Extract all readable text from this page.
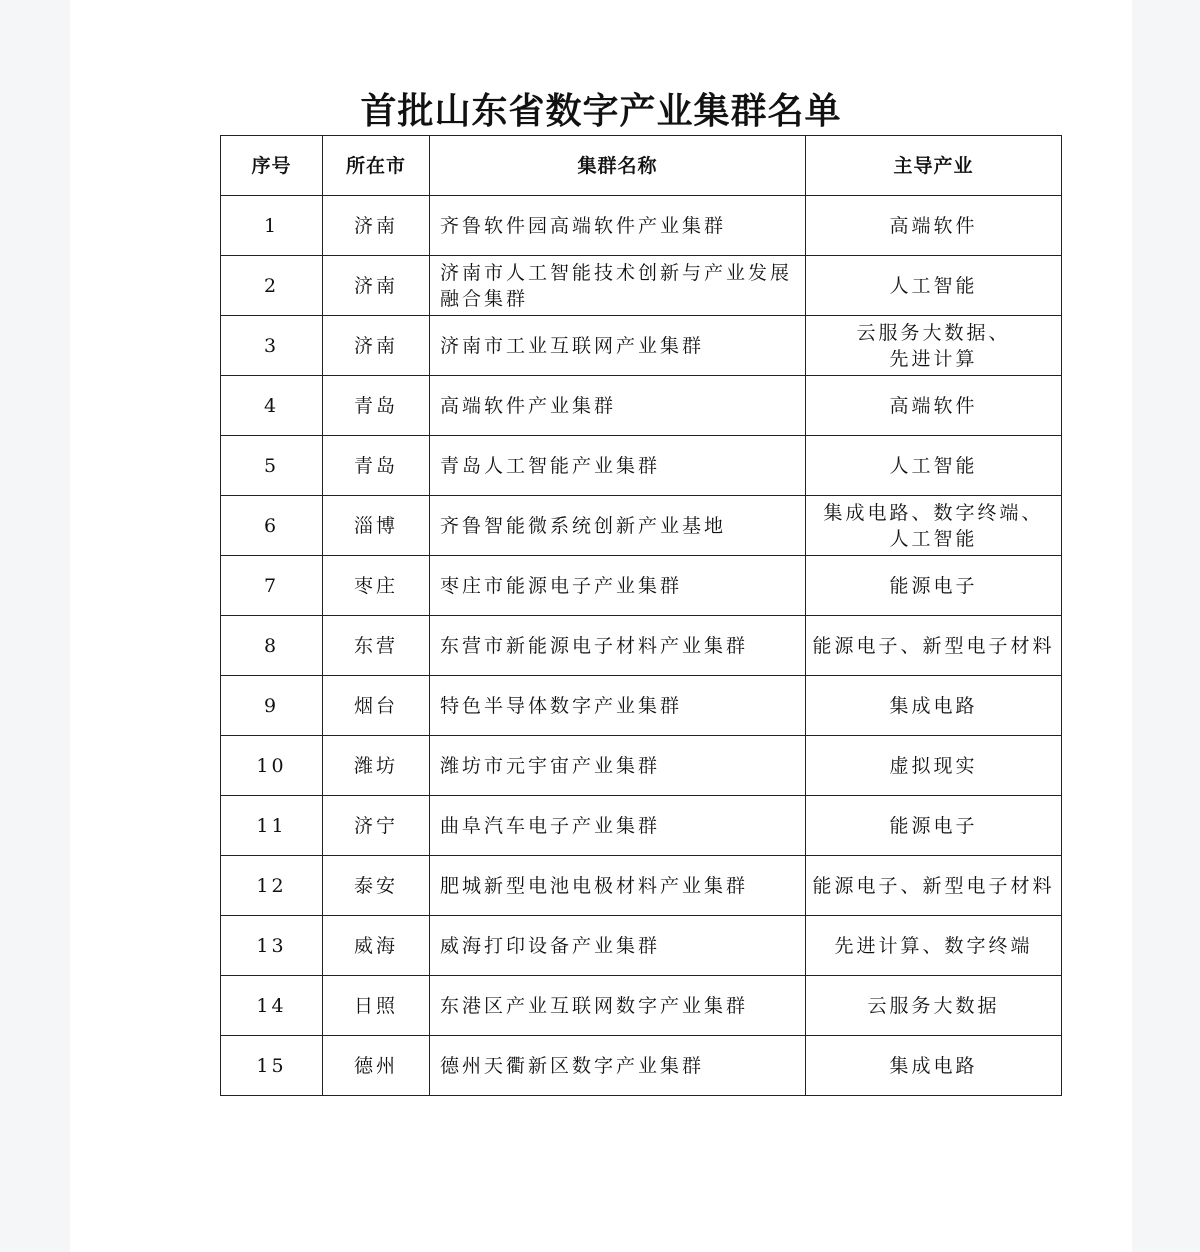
首批山东省数字产业集群名单
序号	所在市	集群名称	主导产业
1	济南	齐鲁软件园高端软件产业集群	高端软件
2	济南	济南市人工智能技术创新与产业发展融合集群	人工智能
3	济南	济南市工业互联网产业集群	云服务大数据、
先进计算
4	青岛	高端软件产业集群	高端软件
5	青岛	青岛人工智能产业集群	人工智能
6	淄博	齐鲁智能微系统创新产业基地	集成电路、数字终端、
人工智能
7	枣庄	枣庄市能源电子产业集群	能源电子
8	东营	东营市新能源电子材料产业集群	能源电子、新型电子材料
9	烟台	特色半导体数字产业集群	集成电路
10	潍坊	潍坊市元宇宙产业集群	虚拟现实
11	济宁	曲阜汽车电子产业集群	能源电子
12	泰安	肥城新型电池电极材料产业集群	能源电子、新型电子材料
13	威海	威海打印设备产业集群	先进计算、数字终端
14	日照	东港区产业互联网数字产业集群	云服务大数据
15	德州	德州天衢新区数字产业集群	集成电路
